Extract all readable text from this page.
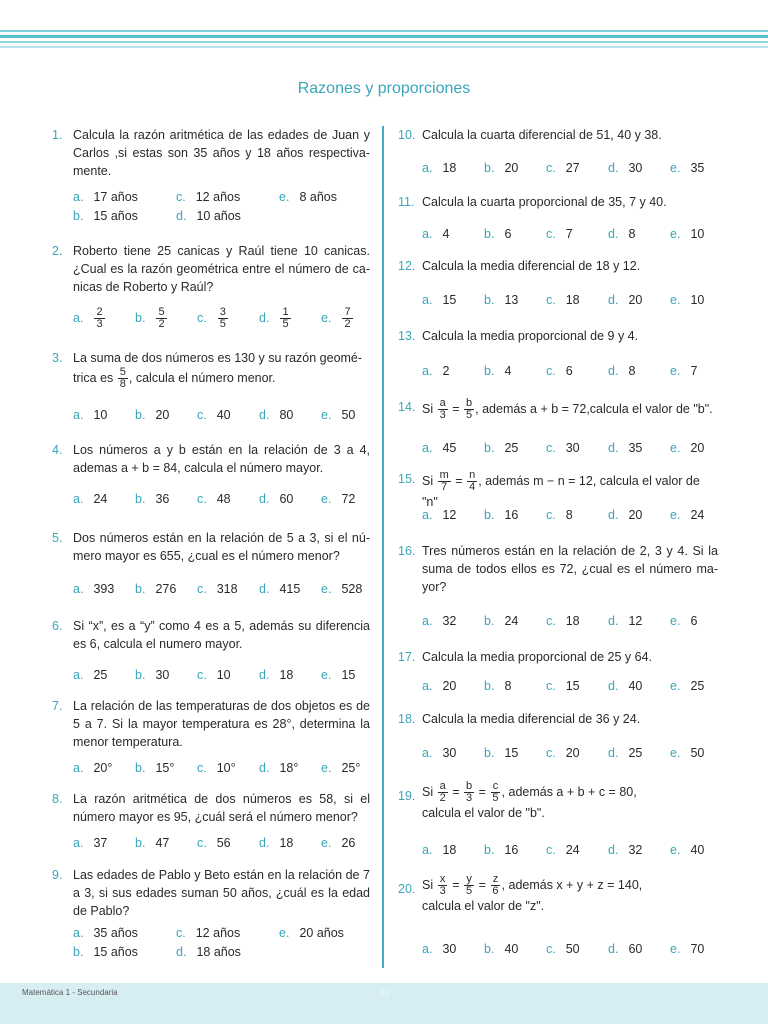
Razones y proporciones
1. Calcula la razón aritmética de las edades de Juan y Carlos ,si estas son 35 años y 18 años respectiva-mente.
a. 17 años	c. 12 años	e. 8 años
b. 15 años	d. 10 años
2. Roberto tiene 25 canicas y Raúl tiene 10 canicas. ¿Cual es la razón geométrica entre el número de ca-nicas de Roberto y Raúl?
a. $\frac{2}{3} b$. $\frac{5}{2} c$. $\frac{3}{5} d$. $\frac{1}{5} e$. $\frac{7}{2}$
3. La suma de dos números es 130 y su razón geomé-
trica es $\frac{5}{8}$ , calcula el número menor.
a. 10 b. 20 c. 40 d. 80 e. 50
4. Los números a y b están en la relación de 3 a 4, ademas a + b = 84, calcula el número mayor.
a. 24 b. 36 c. 48 d. 60 e. 72
5. Dos números están en la relación de 5 a 3, si el nú-mero mayor es 655, ¿cual es el número menor?
a. 393 b. 276 c. 318 d. 415 e. 528
6. Si “x”, es a “y” como 4 es a 5, además su diferencia es 6, calcula el numero mayor.
a. 25 b. 30 c. 10 d. 18 e. 15
7. La relación de las temperaturas de dos objetos es de 5 a 7. Si la mayor temperatura es 28°, determina la menor temperatura.
a. 20° b. 15° c. 10° d. 18° e. 25°
8. La razón aritmética de dos números es 58, si el número mayor es 95, ¿cuál será el número menor?
a. 37 b. 47 c. 56 d. 18 e. 26
9. Las edades de Pablo y Beto están en la relación de 7 a 3, si sus edades suman 50 años, ¿cuál es la edad de Pablo?
a. 35 años	c. 12 años	e. 20 años
b. 15 años	d. 18 años
10. Calcula la cuarta diferencial de 51, 40 y 38.
a. 18 b. 20 c. 27 d. 30 e. 35
11. Calcula la cuarta proporcional de 35, 7 y 40.
a. 4	b. 6	c. 7	d. 8	e. 10
12. Calcula la media diferencial de 18 y 12.
a. 15 b. 13 c. 18 d. 20 e. 10
13. Calcula la media proporcional de 9 y 4.
a. 2	b. 4	c. 6	d. 8	e. 7
14. Si $\frac{a}{3} = \frac{b}{5}$ , además a + b = 72,calcula el valor de "b".
a. 45 b. 25 c. 30 d. 35 e. 20
15. Si $\frac{m}{7} = \frac{n}{4}$ , además m − n = 12, calcula el valor de "n"
a. 12 b. 16 c. 8	d. 20 e. 24
16. Tres números están en la relación de 2, 3 y 4. Si la suma de todos ellos es 72, ¿cual es el número ma-yor?
a. 32 b. 24 c. 18 d. 12 e. 6
17. Calcula la media proporcional de 25 y 64.
a. 20 b. 8	c. 15 d. 40 e. 25
18. Calcula la media diferencial de 36 y 24.
a. 30 b. 15 c. 20 d. 25 e. 50
19. Si $\frac{a}{2} = \frac{b}{3} = \frac{c}{5}$ , además a + b + c = 80,
calcula el valor de "b".
a. 18 b. 16 c. 24 d. 32 e. 40
20. Si $\frac{x}{3} = \frac{y}{5} = \frac{z}{6}$ , además x + y + z = 140,
calcula el valor de "z".
a. 30 b. 40 c. 50 d. 60 e. 70
Matemática 1 - Secundaria	11
